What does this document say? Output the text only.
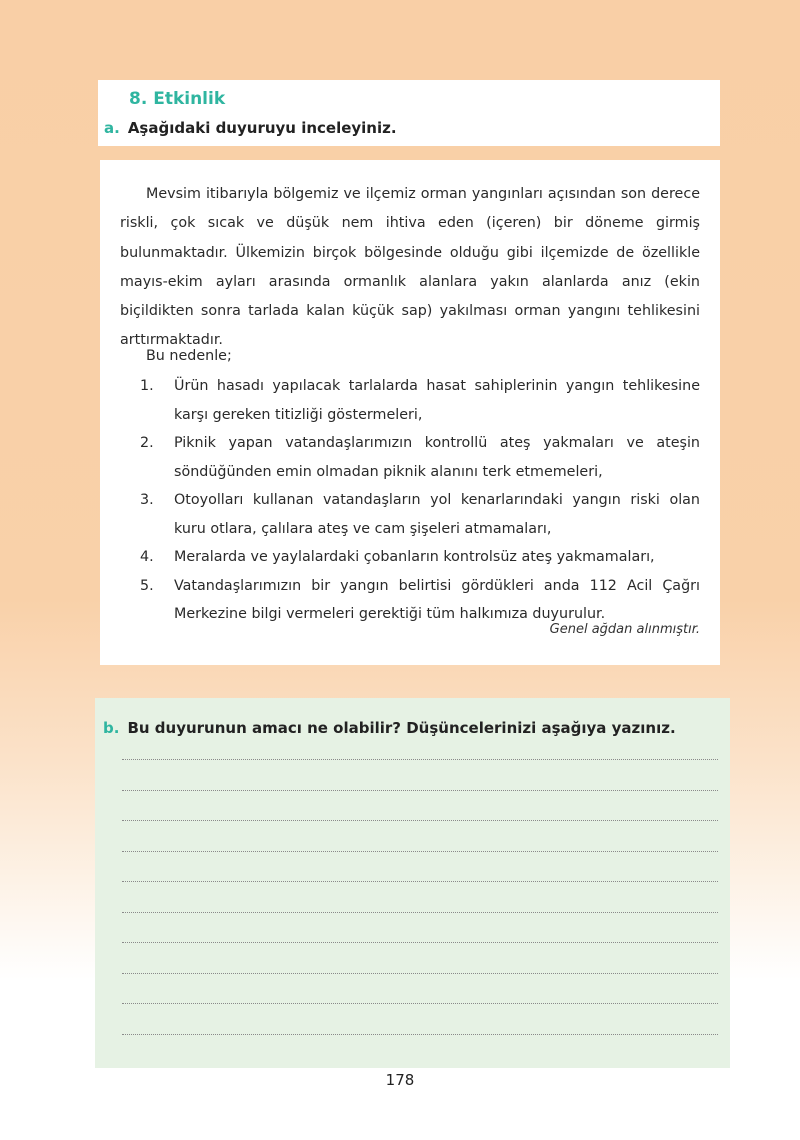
8. Etkinlik
a. Aşağıdaki duyuruyu inceleyiniz.

Mevsim itibarıyla bölgemiz ve ilçemiz orman yangınları açısından son derece riskli, çok sıcak ve düşük nem ihtiva eden (içeren) bir döneme girmiş bulunmaktadır. Ülkemizin birçok bölgesinde olduğu gibi ilçemizde de özellikle mayıs-ekim ayları arasında ormanlık alanlara yakın alanlarda anız (ekin biçildikten sonra tarlada kalan küçük sap) yakılması orman yangını tehlikesini arttırmaktadır.

Bu nedenle;

1. Ürün hasadı yapılacak tarlalarda hasat sahiplerinin yangın tehlikesine karşı gereken titizliği göstermeleri,
2. Piknik yapan vatandaşlarımızın kontrollü ateş yakmaları ve ateşin söndüğünden emin olmadan piknik alanını terk etmemeleri,
3. Otoyolları kullanan vatandaşların yol kenarlarındaki yangın riski olan kuru otlara, çalılara ateş ve cam şişeleri atmamaları,
4. Meralarda ve yaylalardaki çobanların kontrolsüz ateş yakmamaları,
5. Vatandaşlarımızın bir yangın belirtisi gördükleri anda 112 Acil Çağrı Merkezine bilgi vermeleri gerektiği tüm halkımıza duyurulur.
Genel ağdan alınmıştır.
b. Bu duyurunun amacı ne olabilir? Düşüncelerinizi aşağıya yazınız.
178
